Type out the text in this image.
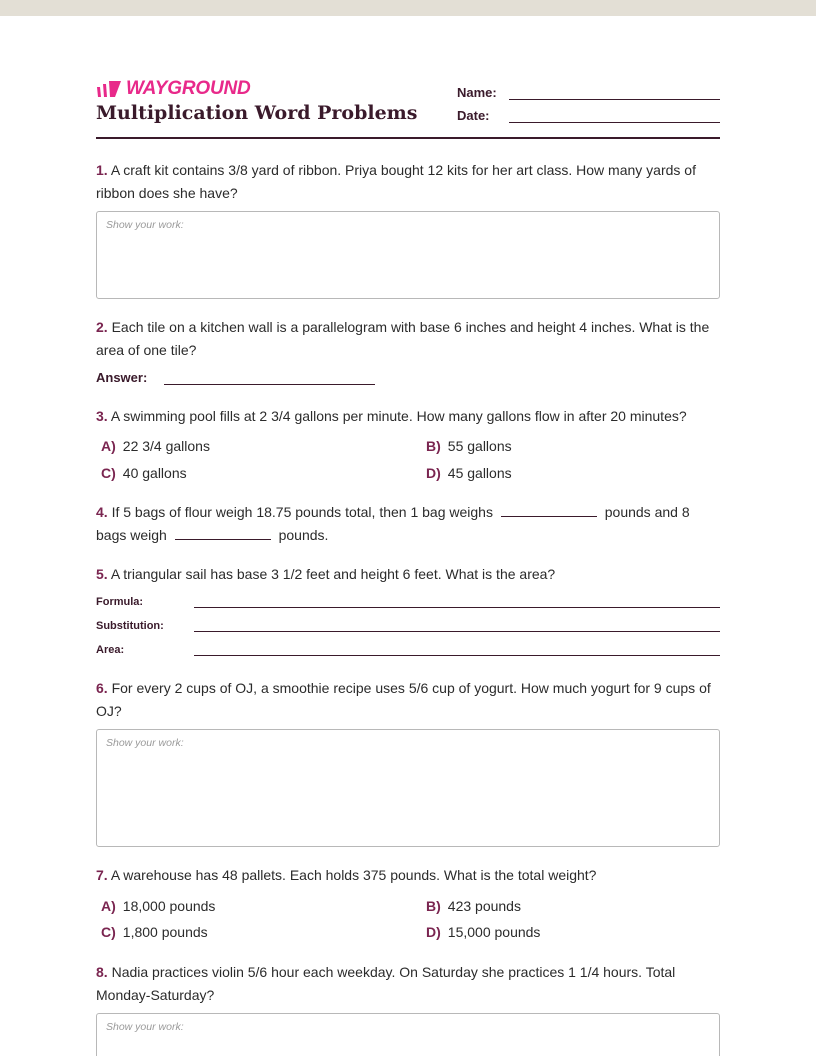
WAYGROUND
Multiplication Word Problems
Name:
Date:
1. A craft kit contains 3/8 yard of ribbon. Priya bought 12 kits for her art class. How many yards of ribbon does she have?
Show your work:
2. Each tile on a kitchen wall is a parallelogram with base 6 inches and height 4 inches. What is the area of one tile?
Answer:
3. A swimming pool fills at 2 3/4 gallons per minute. How many gallons flow in after 20 minutes?
A) 22 3/4 gallons	B) 55 gallons
C) 40 gallons	D) 45 gallons
4. If 5 bags of flour weigh 18.75 pounds total, then 1 bag weighs	pounds and 8 bags weigh	pounds.
5. A triangular sail has base 3 1/2 feet and height 6 feet. What is the area?
Formula:
Substitution:
Area:
6. For every 2 cups of OJ, a smoothie recipe uses 5/6 cup of yogurt. How much yogurt for 9 cups of OJ?
Show your work:
7. A warehouse has 48 pallets. Each holds 375 pounds. What is the total weight?
A) 18,000 pounds	B) 423 pounds
C) 1,800 pounds	D) 15,000 pounds
8. Nadia practices violin 5/6 hour each weekday. On Saturday she practices 1 1/4 hours. Total Monday-Saturday?
Show your work:
